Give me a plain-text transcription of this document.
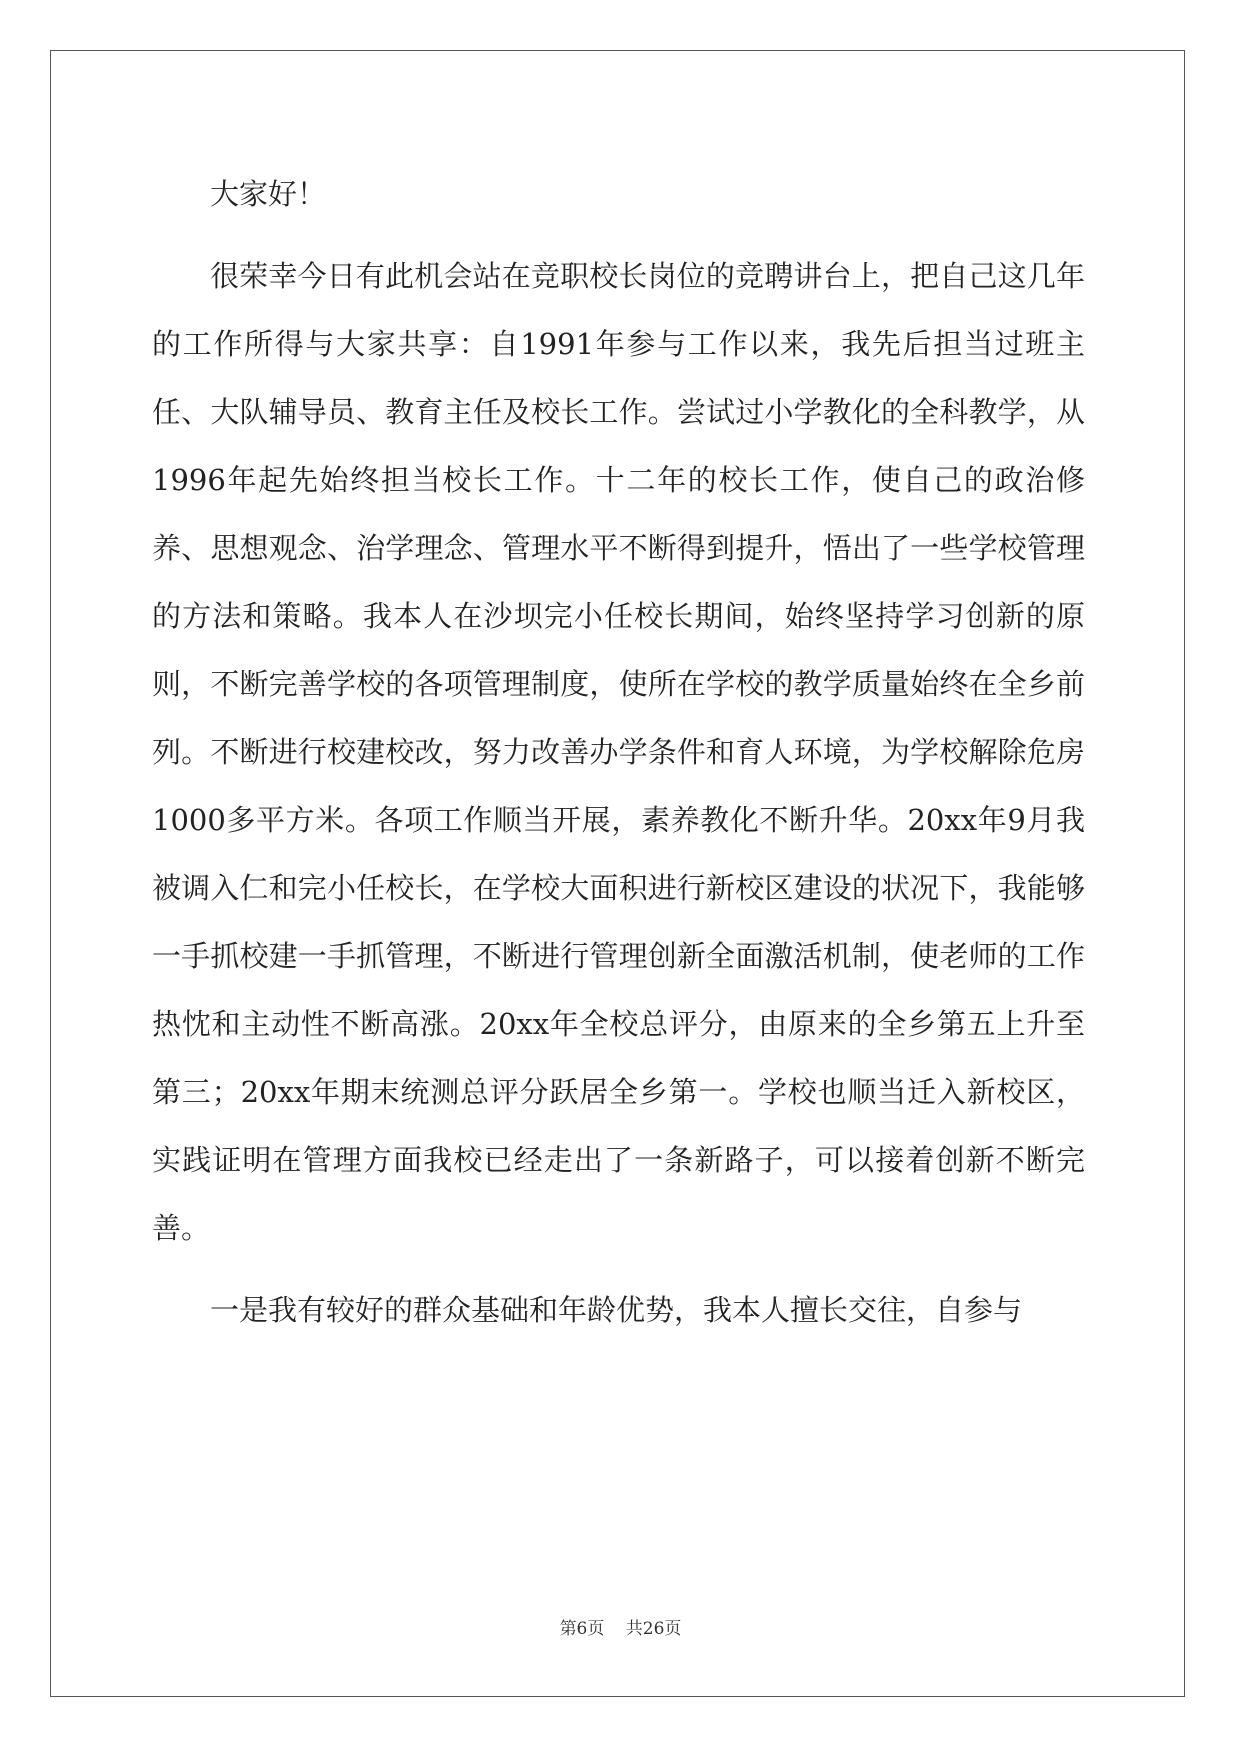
大家好！

很荣幸今日有此机会站在竞职校长岗位的竞聘讲台上，把自己这几年的工作所得与大家共享：自1991年参与工作以来，我先后担当过班主任、大队辅导员、教育主任及校长工作。尝试过小学教化的全科教学，从1996年起先始终担当校长工作。十二年的校长工作，使自己的政治修养、思想观念、治学理念、管理水平不断得到提升，悟出了一些学校管理的方法和策略。我本人在沙坝完小任校长期间，始终坚持学习创新的原则，不断完善学校的各项管理制度，使所在学校的教学质量始终在全乡前列。不断进行校建校改，努力改善办学条件和育人环境，为学校解除危房1000多平方米。各项工作顺当开展，素养教化不断升华。20xx年9月我被调入仁和完小任校长，在学校大面积进行新校区建设的状况下，我能够一手抓校建一手抓管理，不断进行管理创新全面激活机制，使老师的工作热忱和主动性不断高涨。20xx年全校总评分，由原来的全乡第五上升至第三；20xx年期末统测总评分跃居全乡第一。学校也顺当迁入新校区，实践证明在管理方面我校已经走出了一条新路子，可以接着创新不断完善。

一是我有较好的群众基础和年龄优势，我本人擅长交往，自参与

第6页 共26页
